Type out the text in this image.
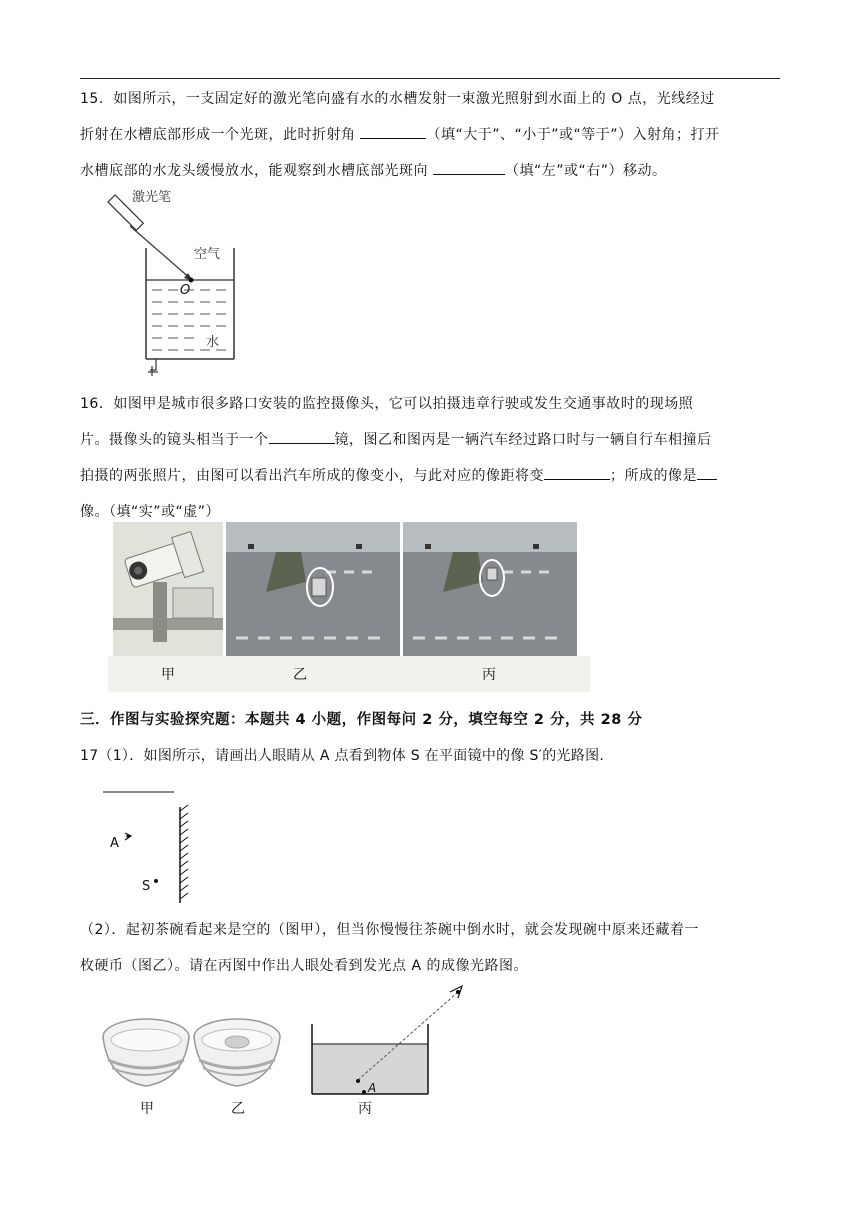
15．如图所示，一支固定好的激光笔向盛有水的水槽发射一束激光照射到水面上的 O 点，光线经过
折射在水槽底部形成一个光斑，此时折射角	（填“大于”、“小于”或“等于”）入射角；打开
水槽底部的水龙头缓慢放水，能观察到水槽底部光斑向	（填“左”或“右”）移动。
激光笔
空气
O
水
16．如图甲是城市很多路口安装的监控摄像头，它可以拍摄违章行驶或发生交通事故时的现场照
片。摄像头的镜头相当于一个	镜，图乙和图丙是一辆汽车经过路口时与一辆自行车相撞后
拍摄的两张照片，由图可以看出汽车所成的像变小，与此对应的像距将变	；所成的像是
像。（填“实”或“虚”）
甲	乙	丙
三．作图与实验探究题：本题共 4 小题，作图每问 2 分，填空每空 2 分，共 28 分
17（1）．如图所示，请画出人眼睛从 A 点看到物体 S 在平面镜中的像 S′的光路图.
A
S
（2）．起初茶碗看起来是空的（图甲），但当你慢慢往茶碗中倒水时，就会发现碗中原来还藏着一
枚硬币（图乙）。请在丙图中作出人眼处看到发光点 A 的成像光路图。
甲	乙
A
丙
